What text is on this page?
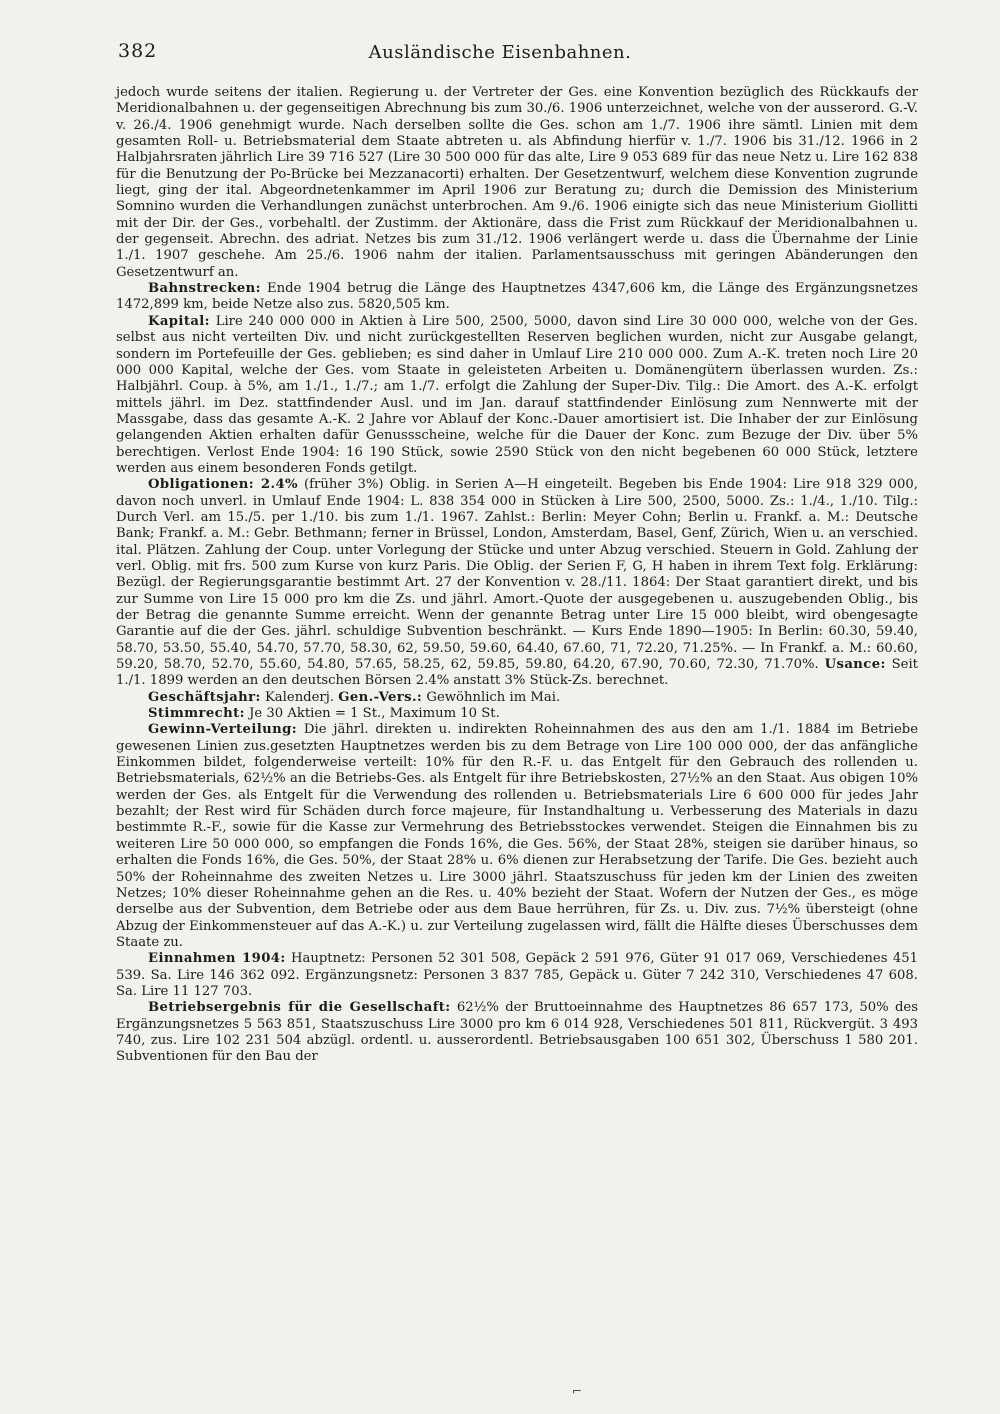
382	Ausländische Eisenbahnen.

jedoch wurde seitens der italien. Regierung u. der Vertreter der Ges. eine Konvention bezüglich des Rückkaufs der Meridionalbahnen u. der gegenseitigen Abrechnung bis zum 30./6. 1906 unterzeichnet, welche von der ausserord. G.-V. v. 26./4. 1906 genehmigt wurde. Nach derselben sollte die Ges. schon am 1./7. 1906 ihre sämtl. Linien mit dem gesamten Roll- u. Betriebsmaterial dem Staate abtreten u. als Abfindung hierfür v. 1./7. 1906 bis 31./12. 1966 in 2 Halbjahrsraten jährlich Lire 39 716 527 (Lire 30 500 000 für das alte, Lire 9 053 689 für das neue Netz u. Lire 162 838 für die Benutzung der Po-Brücke bei Mezzanacorti) erhalten. Der Gesetzentwurf, welchem diese Konvention zugrunde liegt, ging der ital. Abgeordnetenkammer im April 1906 zur Beratung zu; durch die Demission des Ministerium Somnino wurden die Verhandlungen zunächst unterbrochen. Am 9./6. 1906 einigte sich das neue Ministerium Giollitti mit der Dir. der Ges., vorbehaltl. der Zustimm. der Aktionäre, dass die Frist zum Rückkauf der Meridionalbahnen u. der gegenseit. Abrechn. des adriat. Netzes bis zum 31./12. 1906 verlängert werde u. dass die Übernahme der Linie 1./1. 1907 geschehe. Am 25./6. 1906 nahm der italien. Parlamentsausschuss mit geringen Abänderungen den Gesetzentwurf an.

Bahnstrecken: Ende 1904 betrug die Länge des Hauptnetzes 4347,606 km, die Länge des Ergänzungsnetzes 1472,899 km, beide Netze also zus. 5820,505 km.

Kapital: Lire 240 000 000 in Aktien à Lire 500, 2500, 5000, davon sind Lire 30 000 000, welche von der Ges. selbst aus nicht verteilten Div. und nicht zurückgestellten Reserven beglichen wurden, nicht zur Ausgabe gelangt, sondern im Portefeuille der Ges. geblieben; es sind daher in Umlauf Lire 210 000 000. Zum A.-K. treten noch Lire 20 000 000 Kapital, welche der Ges. vom Staate in geleisteten Arbeiten u. Domänengütern überlassen wurden. Zs.: Halbjährl. Coup. à 5%, am 1./1., 1./7.; am 1./7. erfolgt die Zahlung der Super-Div. Tilg.: Die Amort. des A.-K. erfolgt mittels jährl. im Dez. stattfindender Ausl. und im Jan. darauf stattfindender Einlösung zum Nennwerte mit der Massgabe, dass das gesamte A.-K. 2 Jahre vor Ablauf der Konc.-Dauer amortisiert ist. Die Inhaber der zur Einlösung gelangenden Aktien erhalten dafür Genussscheine, welche für die Dauer der Konc. zum Bezuge der Div. über 5% berechtigen. Verlost Ende 1904: 16 190 Stück, sowie 2590 Stück von den nicht begebenen 60 000 Stück, letztere werden aus einem besonderen Fonds getilgt.

Obligationen: 2.4% (früher 3%) Oblig. in Serien A—H eingeteilt. Begeben bis Ende 1904: Lire 918 329 000, davon noch unverl. in Umlauf Ende 1904: L. 838 354 000 in Stücken à Lire 500, 2500, 5000. Zs.: 1./4., 1./10. Tilg.: Durch Verl. am 15./5. per 1./10. bis zum 1./1. 1967. Zahlst.: Berlin: Meyer Cohn; Berlin u. Frankf. a. M.: Deutsche Bank; Frankf. a. M.: Gebr. Bethmann; ferner in Brüssel, London, Amsterdam, Basel, Genf, Zürich, Wien u. an verschied. ital. Plätzen. Zahlung der Coup. unter Vorlegung der Stücke und unter Abzug verschied. Steuern in Gold. Zahlung der verl. Oblig. mit frs. 500 zum Kurse von kurz Paris. Die Oblig. der Serien F, G, H haben in ihrem Text folg. Erklärung: Bezügl. der Regierungsgarantie bestimmt Art. 27 der Konvention v. 28./11. 1864: Der Staat garantiert direkt, und bis zur Summe von Lire 15 000 pro km die Zs. und jährl. Amort.-Quote der ausgegebenen u. auszugebenden Oblig., bis der Betrag die genannte Summe erreicht. Wenn der genannte Betrag unter Lire 15 000 bleibt, wird obengesagte Garantie auf die der Ges. jährl. schuldige Subvention beschränkt. — Kurs Ende 1890—1905: In Berlin: 60.30, 59.40, 58.70, 53.50, 55.40, 54.70, 57.70, 58.30, 62, 59.50, 59.60, 64.40, 67.60, 71, 72.20, 71.25%. — In Frankf. a. M.: 60.60, 59.20, 58.70, 52.70, 55.60, 54.80, 57.65, 58.25, 62, 59.85, 59.80, 64.20, 67.90, 70.60, 72.30, 71.70%. Usance: Seit 1./1. 1899 werden an den deutschen Börsen 2.4% anstatt 3% Stück-Zs. berechnet.

Geschäftsjahr: Kalenderj. Gen.-Vers.: Gewöhnlich im Mai.

Stimmrecht: Je 30 Aktien = 1 St., Maximum 10 St.

Gewinn-Verteilung: Die jährl. direkten u. indirekten Roheinnahmen des aus den am 1./1. 1884 im Betriebe gewesenen Linien zus.gesetzten Hauptnetzes werden bis zu dem Betrage von Lire 100 000 000, der das anfängliche Einkommen bildet, folgenderweise verteilt: 10% für den R.-F. u. das Entgelt für den Gebrauch des rollenden u. Betriebsmaterials, 62½% an die Betriebs-Ges. als Entgelt für ihre Betriebskosten, 27½% an den Staat. Aus obigen 10% werden der Ges. als Entgelt für die Verwendung des rollenden u. Betriebsmaterials Lire 6 600 000 für jedes Jahr bezahlt; der Rest wird für Schäden durch force majeure, für Instandhaltung u. Verbesserung des Materials in dazu bestimmte R.-F., sowie für die Kasse zur Vermehrung des Betriebsstockes verwendet. Steigen die Einnahmen bis zu weiteren Lire 50 000 000, so empfangen die Fonds 16%, die Ges. 56%, der Staat 28%, steigen sie darüber hinaus, so erhalten die Fonds 16%, die Ges. 50%, der Staat 28% u. 6% dienen zur Herabsetzung der Tarife. Die Ges. bezieht auch 50% der Roheinnahme des zweiten Netzes u. Lire 3000 jährl. Staatszuschuss für jeden km der Linien des zweiten Netzes; 10% dieser Roheinnahme gehen an die Res. u. 40% bezieht der Staat. Wofern der Nutzen der Ges., es möge derselbe aus der Subvention, dem Betriebe oder aus dem Baue herrühren, für Zs. u. Div. zus. 7½% übersteigt (ohne Abzug der Einkommensteuer auf das A.-K.) u. zur Verteilung zugelassen wird, fällt die Hälfte dieses Überschusses dem Staate zu.

Einnahmen 1904: Hauptnetz: Personen 52 301 508, Gepäck 2 591 976, Güter 91 017 069, Verschiedenes 451 539. Sa. Lire 146 362 092. Ergänzungsnetz: Personen 3 837 785, Gepäck u. Güter 7 242 310, Verschiedenes 47 608. Sa. Lire 11 127 703.

Betriebsergebnis für die Gesellschaft: 62½% der Bruttoeinnahme des Hauptnetzes 86 657 173, 50% des Ergänzungsnetzes 5 563 851, Staatszuschuss Lire 3000 pro km 6 014 928, Verschiedenes 501 811, Rückvergüt. 3 493 740, zus. Lire 102 231 504 abzügl. ordentl. u. ausserordentl. Betriebsausgaben 100 651 302, Überschuss 1 580 201. Subventionen für den Bau der

⌐
